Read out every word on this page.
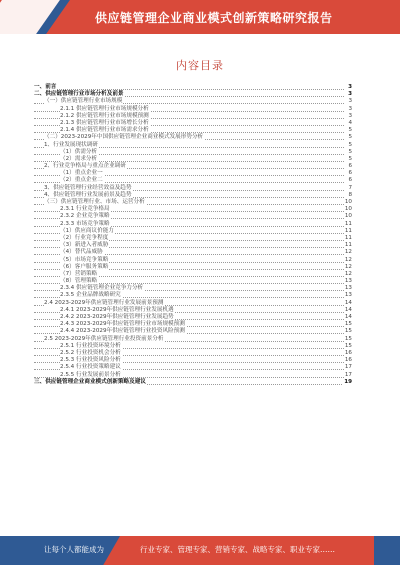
供应链管理企业商业模式创新策略研究报告
内容目录
一、前言	3
二、供应链管理行业市场分析及前景	3
（一）供应链管理行业市场规模	3
2.1.1 供应链管理行业市场规模分析	3
2.1.2 供应链管理行业市场规模预测	3
2.1.3 供应链管理行业市场增长分析	4
2.1.4 供应链管理行业市场需求分析	5
（二）2023-2029年中国供应链管理企业商业模式发展形势分析	5
1、行业发展现状调研	5
（1）供需分析	5
（2）需求分析	5
2、行业竞争格局与重点企业调研	6
（1）重点企业一	6
（2）重点企业二	6
3、供应链管理行业经营效益及趋势	7
4、供应链管理行业发展前景及趋势	8
（三）供应链管理行业、市场、运营分析	10
2.3.1 行业竞争格局	10
2.3.2 企业竞争策略	10
2.3.3 市场竞争策略	11
（1）供应商议价能力	11
（2）行业竞争程度	11
（3）新进入者威胁	11
（4）替代品威胁	12
（5）市场竞争策略	12
（6）客户服务策略	12
（7）营销策略	12
（8）管理策略	13
2.3.4 供应链管理企业竞争力分析	13
2.3.5 企业品牌战略研究	13
2.4 2023-2029年供应链管理行业发展前景预测	14
2.4.1 2023-2029年供应链管理行业发展机遇	14
2.4.2 2023-2029年供应链管理行业发展趋势	14
2.4.3 2023-2029年供应链管理行业市场规模预测	15
2.4.4 2023-2029年供应链管理行业投资风险预测	15
2.5 2023-2029年供应链管理行业投资前景分析	15
2.5.1 行业投资环境分析	15
2.5.2 行业投资机会分析	16
2.5.3 行业投资风险分析	16
2.5.4 行业投资策略建议	17
2.5.5 行业发展前景分析	17
三、供应链管理企业商业模式创新策略及建议	19
让每个人都能成为	行业专家、管理专家、营销专家、战略专家、职业专家……
